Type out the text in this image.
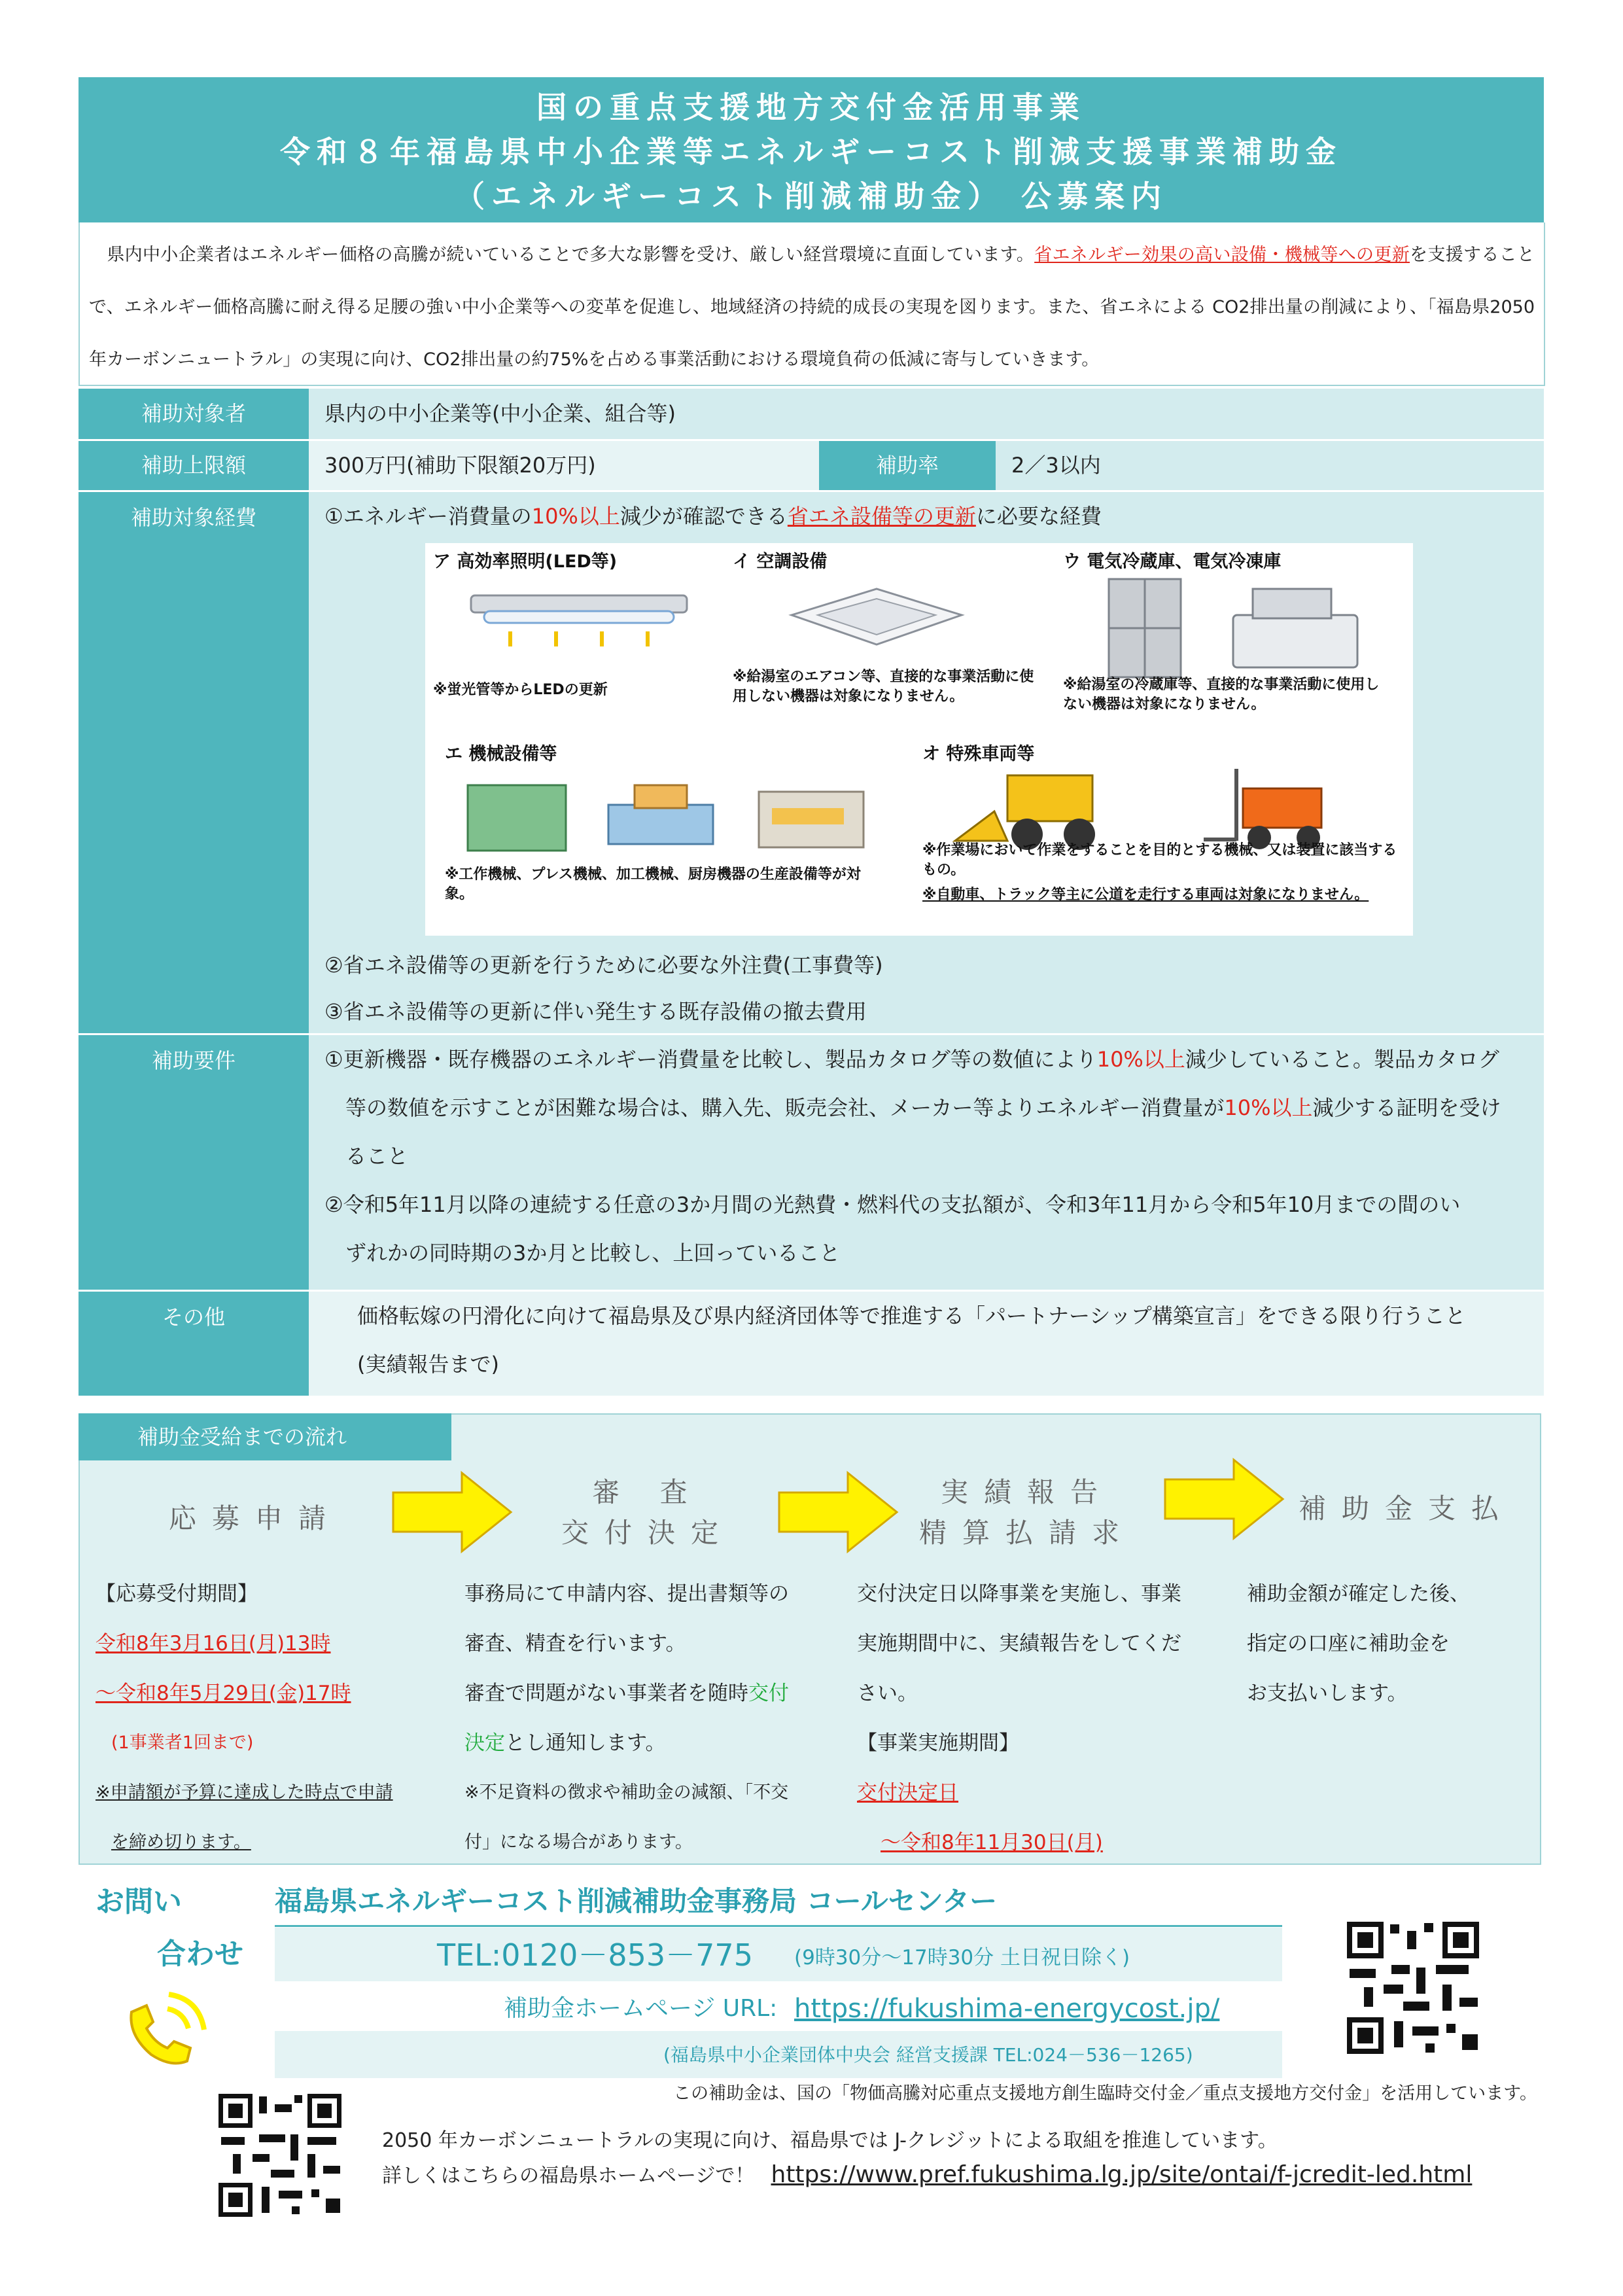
国の重点支援地方交付金活用事業
令和８年福島県中小企業等エネルギーコスト削減支援事業補助金
（エネルギーコスト削減補助金） 公募案内
　県内中小企業者はエネルギー価格の高騰が続いていることで多大な影響を受け、厳しい経営環境に直面しています。省エネルギー効果の高い設備・機械等への更新を支援することで、エネルギー価格高騰に耐え得る足腰の強い中小企業等への変革を促進し、地域経済の持続的成長の実現を図ります。また、省エネによる CO2排出量の削減により、「福島県2050年カーボンニュートラル」の実現に向け、CO2排出量の約75%を占める事業活動における環境負荷の低減に寄与していきます。
補助対象者	県内の中小企業等(中小企業、組合等)
補助上限額	300万円(補助下限額20万円)	補助率	2／3以内
補助対象経費	①エネルギー消費量の10%以上減少が確認できる省エネ設備等の更新に必要な経費
ア 高効率照明(LED等)
※蛍光管等からLEDの更新
イ 空調設備
※給湯室のエアコン等、直接的な事業活動に使用しない機器は対象になりません。
ウ 電気冷蔵庫、電気冷凍庫
※給湯室の冷蔵庫等、直接的な事業活動に使用しない機器は対象になりません。
エ 機械設備等
※工作機械、プレス機械、加工機械、厨房機器の生産設備等が対象。
オ 特殊車両等
※作業場において作業をすることを目的とする機械、又は装置に該当するもの。
※自動車、トラック等主に公道を走行する車両は対象になりません。
②省エネ設備等の更新を行うために必要な外注費(工事費等)
③省エネ設備等の更新に伴い発生する既存設備の撤去費用
補助要件	①更新機器・既存機器のエネルギー消費量を比較し、製品カタログ等の数値により10%以上減少していること。製品カタログ
等の数値を示すことが困難な場合は、購入先、販売会社、メーカー等よりエネルギー消費量が10%以上減少する証明を受け
ること
②令和5年11月以降の連続する任意の3か月間の光熱費・燃料代の支払額が、令和3年11月から令和5年10月までの間のい
ずれかの同時期の3か月と比較し、上回っていること
その他	価格転嫁の円滑化に向けて福島県及び県内経済団体等で推進する「パートナーシップ構築宣言」をできる限り行うこと
(実績報告まで)
補助金受給までの流れ
応募申請
審 査
交付決定
実績報告
精算払請求
補助金支払
【応募受付期間】
令和8年3月16日(月)13時
～令和8年5月29日(金)17時
(1事業者1回まで)
※申請額が予算に達成した時点で申請
を締め切ります。
事務局にて申請内容、提出書類等の
審査、精査を行います。
審査で問題がない事業者を随時交付
決定とし通知します。
※不足資料の徴求や補助金の減額、「不交
付」になる場合があります。
交付決定日以降事業を実施し、事業
実施期間中に、実績報告をしてくだ
さい。
【事業実施期間】
交付決定日
～令和8年11月30日(月)
補助金額が確定した後、
指定の口座に補助金を
お支払いします。
お問い
合わせ
福島県エネルギーコスト削減補助金事務局 コールセンター
TEL:0120－853－775 (9時30分～17時30分 土日祝日除く)
補助金ホームページ URL: https://fukushima-energycost.jp/
(福島県中小企業団体中央会 経営支援課 TEL:024－536－1265)
この補助金は、国の「物価高騰対応重点支援地方創生臨時交付金／重点支援地方交付金」を活用しています。
2050 年カーボンニュートラルの実現に向け、福島県では J-クレジットによる取組を推進しています。
詳しくはこちらの福島県ホームページで！ https://www.pref.fukushima.lg.jp/site/ontai/f-jcredit-led.html
